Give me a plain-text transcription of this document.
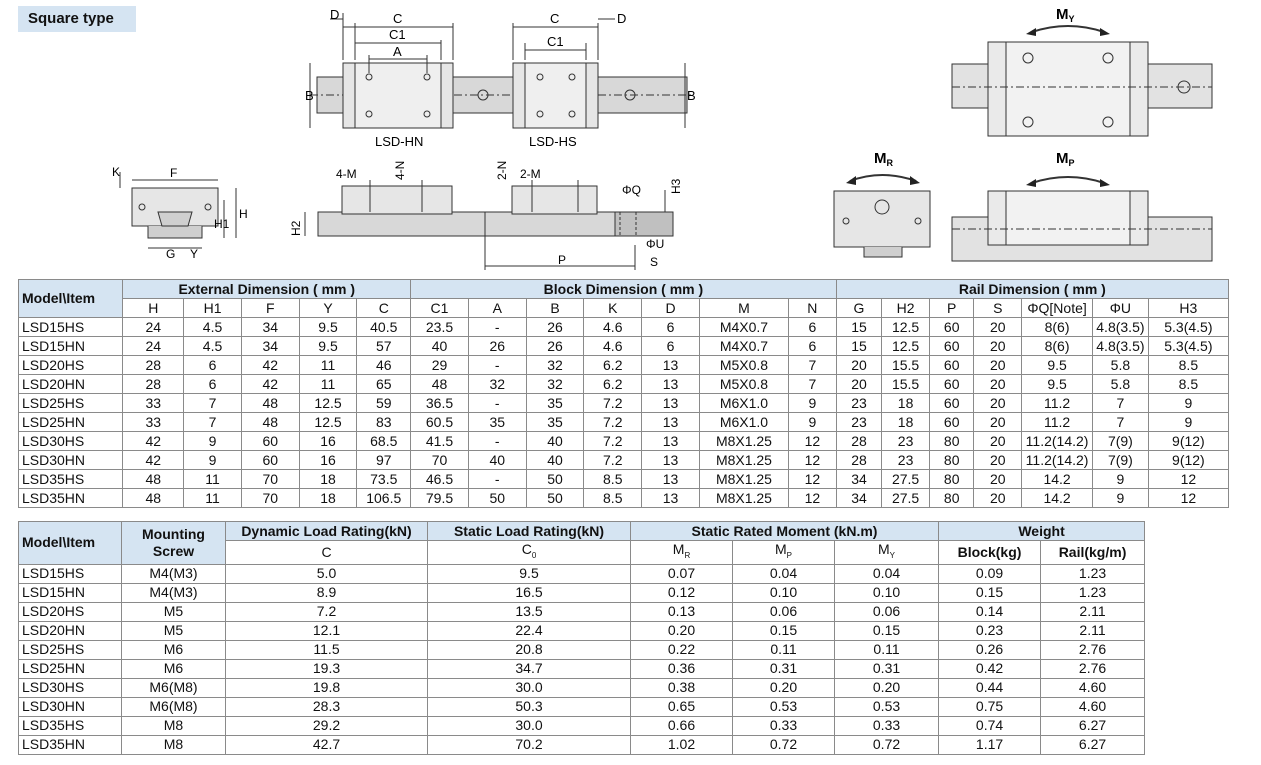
Square type	D	C
C1
A
B
C	D
C1
B
LSD-HN	LSD-HS
K	F
H1
H
G Y
4-M	4-N	2-N 2-M
H2
ΦQ H3
ΦU
P	S
$M_Y$
$M_R$	$M_P$
Model\Item	External Dimension ( mm )					Block Dimension ( mm )							Rail Dimension ( mm )						
	H	H1	F	Y	C	C1	A	B	K	D	M	N	G	H2	P	S	ΦQ[Note]	ΦU	H3
LSD15HS	24	4.5	34	9.5	40.5	23.5	-	26	4.6	6	M4X0.7	6	15	12.5	60	20	8(6)	4.8(3.5)	5.3(4.5)
LSD15HN	24	4.5	34	9.5	57	40	26	26	4.6	6	M4X0.7	6	15	12.5	60	20	8(6)	4.8(3.5)	5.3(4.5)
LSD20HS	28	6	42	11	46	29	-	32	6.2	13	M5X0.8	7	20	15.5	60	20	9.5	5.8	8.5
LSD20HN	28	6	42	11	65	48	32	32	6.2	13	M5X0.8	7	20	15.5	60	20	9.5	5.8	8.5
LSD25HS	33	7	48	12.5	59	36.5	-	35	7.2	13	M6X1.0	9	23	18	60	20	11.2	7	9
LSD25HN	33	7	48	12.5	83	60.5	35	35	7.2	13	M6X1.0	9	23	18	60	20	11.2	7	9
LSD30HS	42	9	60	16	68.5	41.5	-	40	7.2	13	M8X1.25	12	28	23	80	20	11.2(14.2)	7(9)	9(12)
LSD30HN	42	9	60	16	97	70	40	40	7.2	13	M8X1.25	12	28	23	80	20	11.2(14.2)	7(9)	9(12)
LSD35HS	48	11	70	18	73.5	46.5	-	50	8.5	13	M8X1.25	12	34	27.5	80	20	14.2	9	12
LSD35HN	48	11	70	18	106.5	79.5	50	50	8.5	13	M8X1.25	12	34	27.5	80	20	14.2	9	12
Model\Item	Mounting Screw	Dynamic Load Rating(kN)	Static Load Rating(kN)	Static Rated Moment (kN.m)			Weight	
		C	$C_0$	$M_R$	$M_P$	$M_Y$	Block(kg)	Rail(kg/m)
LSD15HS	M4(M3)	5.0	9.5	0.07	0.04	0.04	0.09	1.23
LSD15HN	M4(M3)	8.9	16.5	0.12	0.10	0.10	0.15	1.23
LSD20HS	M5	7.2	13.5	0.13	0.06	0.06	0.14	2.11
LSD20HN	M5	12.1	22.4	0.20	0.15	0.15	0.23	2.11
LSD25HS	M6	11.5	20.8	0.22	0.11	0.11	0.26	2.76
LSD25HN	M6	19.3	34.7	0.36	0.31	0.31	0.42	2.76
LSD30HS	M6(M8)	19.8	30.0	0.38	0.20	0.20	0.44	4.60
LSD30HN	M6(M8)	28.3	50.3	0.65	0.53	0.53	0.75	4.60
LSD35HS	M8	29.2	30.0	0.66	0.33	0.33	0.74	6.27
LSD35HN	M8	42.7	70.2	1.02	0.72	0.72	1.17	6.27
